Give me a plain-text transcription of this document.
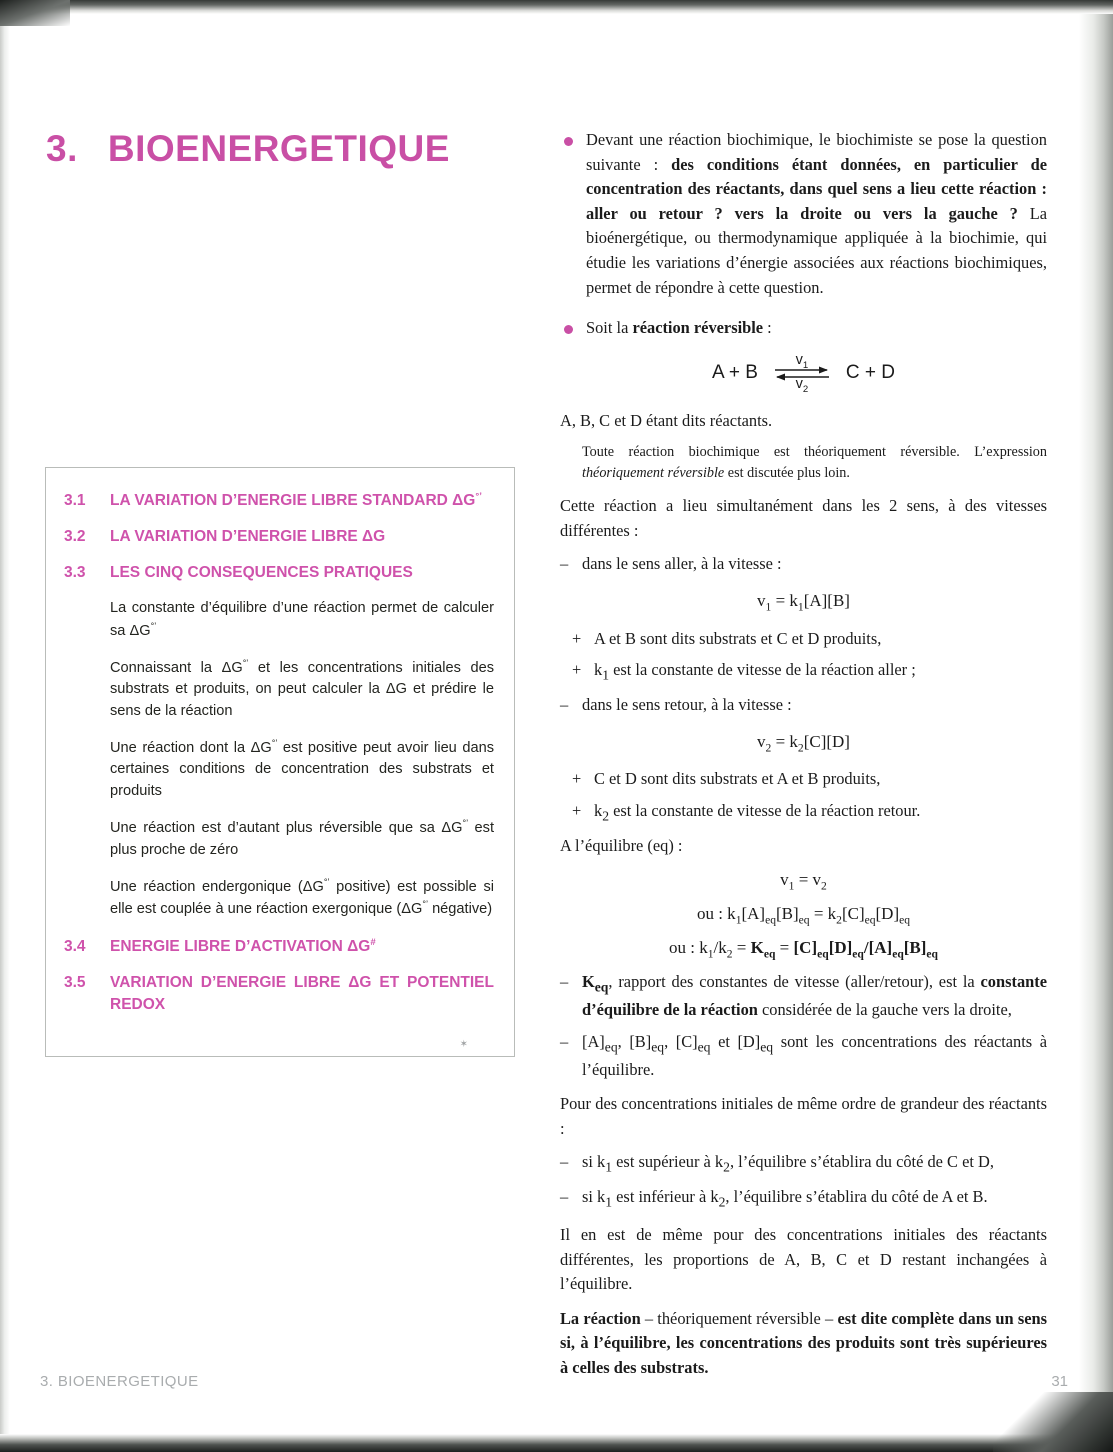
3. BIOENERGETIQUE
3.1	LA VARIATION D’ENERGIE LIBRE STANDARD ΔG°’
3.2	LA VARIATION D’ENERGIE LIBRE ΔG
3.3	LES CINQ CONSEQUENCES PRATIQUES
La constante d’équilibre d’une réaction permet de calculer sa ΔG°’
Connaissant la ΔG°’ et les concentrations initiales des substrats et produits, on peut calculer la ΔG et prédire le sens de la réaction
Une réaction dont la ΔG°’ est positive peut avoir lieu dans certaines conditions de concentration des substrats et produits
Une réaction est d’autant plus réversible que sa ΔG°’ est plus proche de zéro
Une réaction endergonique (ΔG°’ positive) est possible si elle est couplée à une réaction exergonique (ΔG°’ négative)
3.4	ENERGIE LIBRE D’ACTIVATION ΔG#
3.5	VARIATION D’ENERGIE LIBRE ΔG ET POTENTIEL REDOX
✶

Devant une réaction biochimique, le biochimiste se pose la question suivante : des conditions étant données, en particulier de concentration des réactants, dans quel sens a lieu cette réaction : aller ou retour ? vers la droite ou vers la gauche ? La bioénergétique, ou thermodynamique appliquée à la biochimie, qui étudie les variations d’énergie associées aux réactions biochimiques, permet de répondre à cette question.

Soit la réaction réversible :

A + B
$v_1$
$v_2$
C + D

A, B, C et D étant dits réactants.

Toute réaction biochimique est théoriquement réversible. L’expression théoriquement réversible est discutée plus loin.

Cette réaction a lieu simultanément dans les 2 sens, à des vitesses différentes :

– dans le sens aller, à la vitesse :

$v_1 = k_1[A][B]$

+ A et B sont dits substrats et C et D produits,

+ $k_1$ est la constante de vitesse de la réaction aller ;

– dans le sens retour, à la vitesse :

$v_2 = k_2[C][D]$

+ C et D sont dits substrats et A et B produits,

+ $k_2$ est la constante de vitesse de la réaction retour.

A l’équilibre (eq) :

$v_1 = v_2$
ou : $k_1[A]_{eq}[B]_{eq} = k_2[C]_{eq}[D]_{eq}$
ou : $k_1/k_2 = K_{eq} = [C]_{eq}[D]_{eq}/[A]_{eq}[B]_{eq}$

– $K_{eq}$, rapport des constantes de vitesse (aller/retour), est la constante d’équilibre de la réaction considérée de la gauche vers la droite,

– $[A]_{eq}$, $[B]_{eq}$, $[C]_{eq}$ et $[D]_{eq}$ sont les concentrations des réactants à l’équilibre.

Pour des concentrations initiales de même ordre de grandeur des réactants :

– si $k_1$ est supérieur à $k_2$, l’équilibre s’établira du côté de C et D,

– si $k_1$ est inférieur à $k_2$, l’équilibre s’établira du côté de A et B.

Il en est de même pour des concentrations initiales des réactants différentes, les proportions de A, B, C et D restant inchangées à l’équilibre.

La réaction – théoriquement réversible – est dite complète dans un sens si, à l’équilibre, les concentrations des produits sont très supérieures à celles des substrats.

3. BIOENERGETIQUE	31
